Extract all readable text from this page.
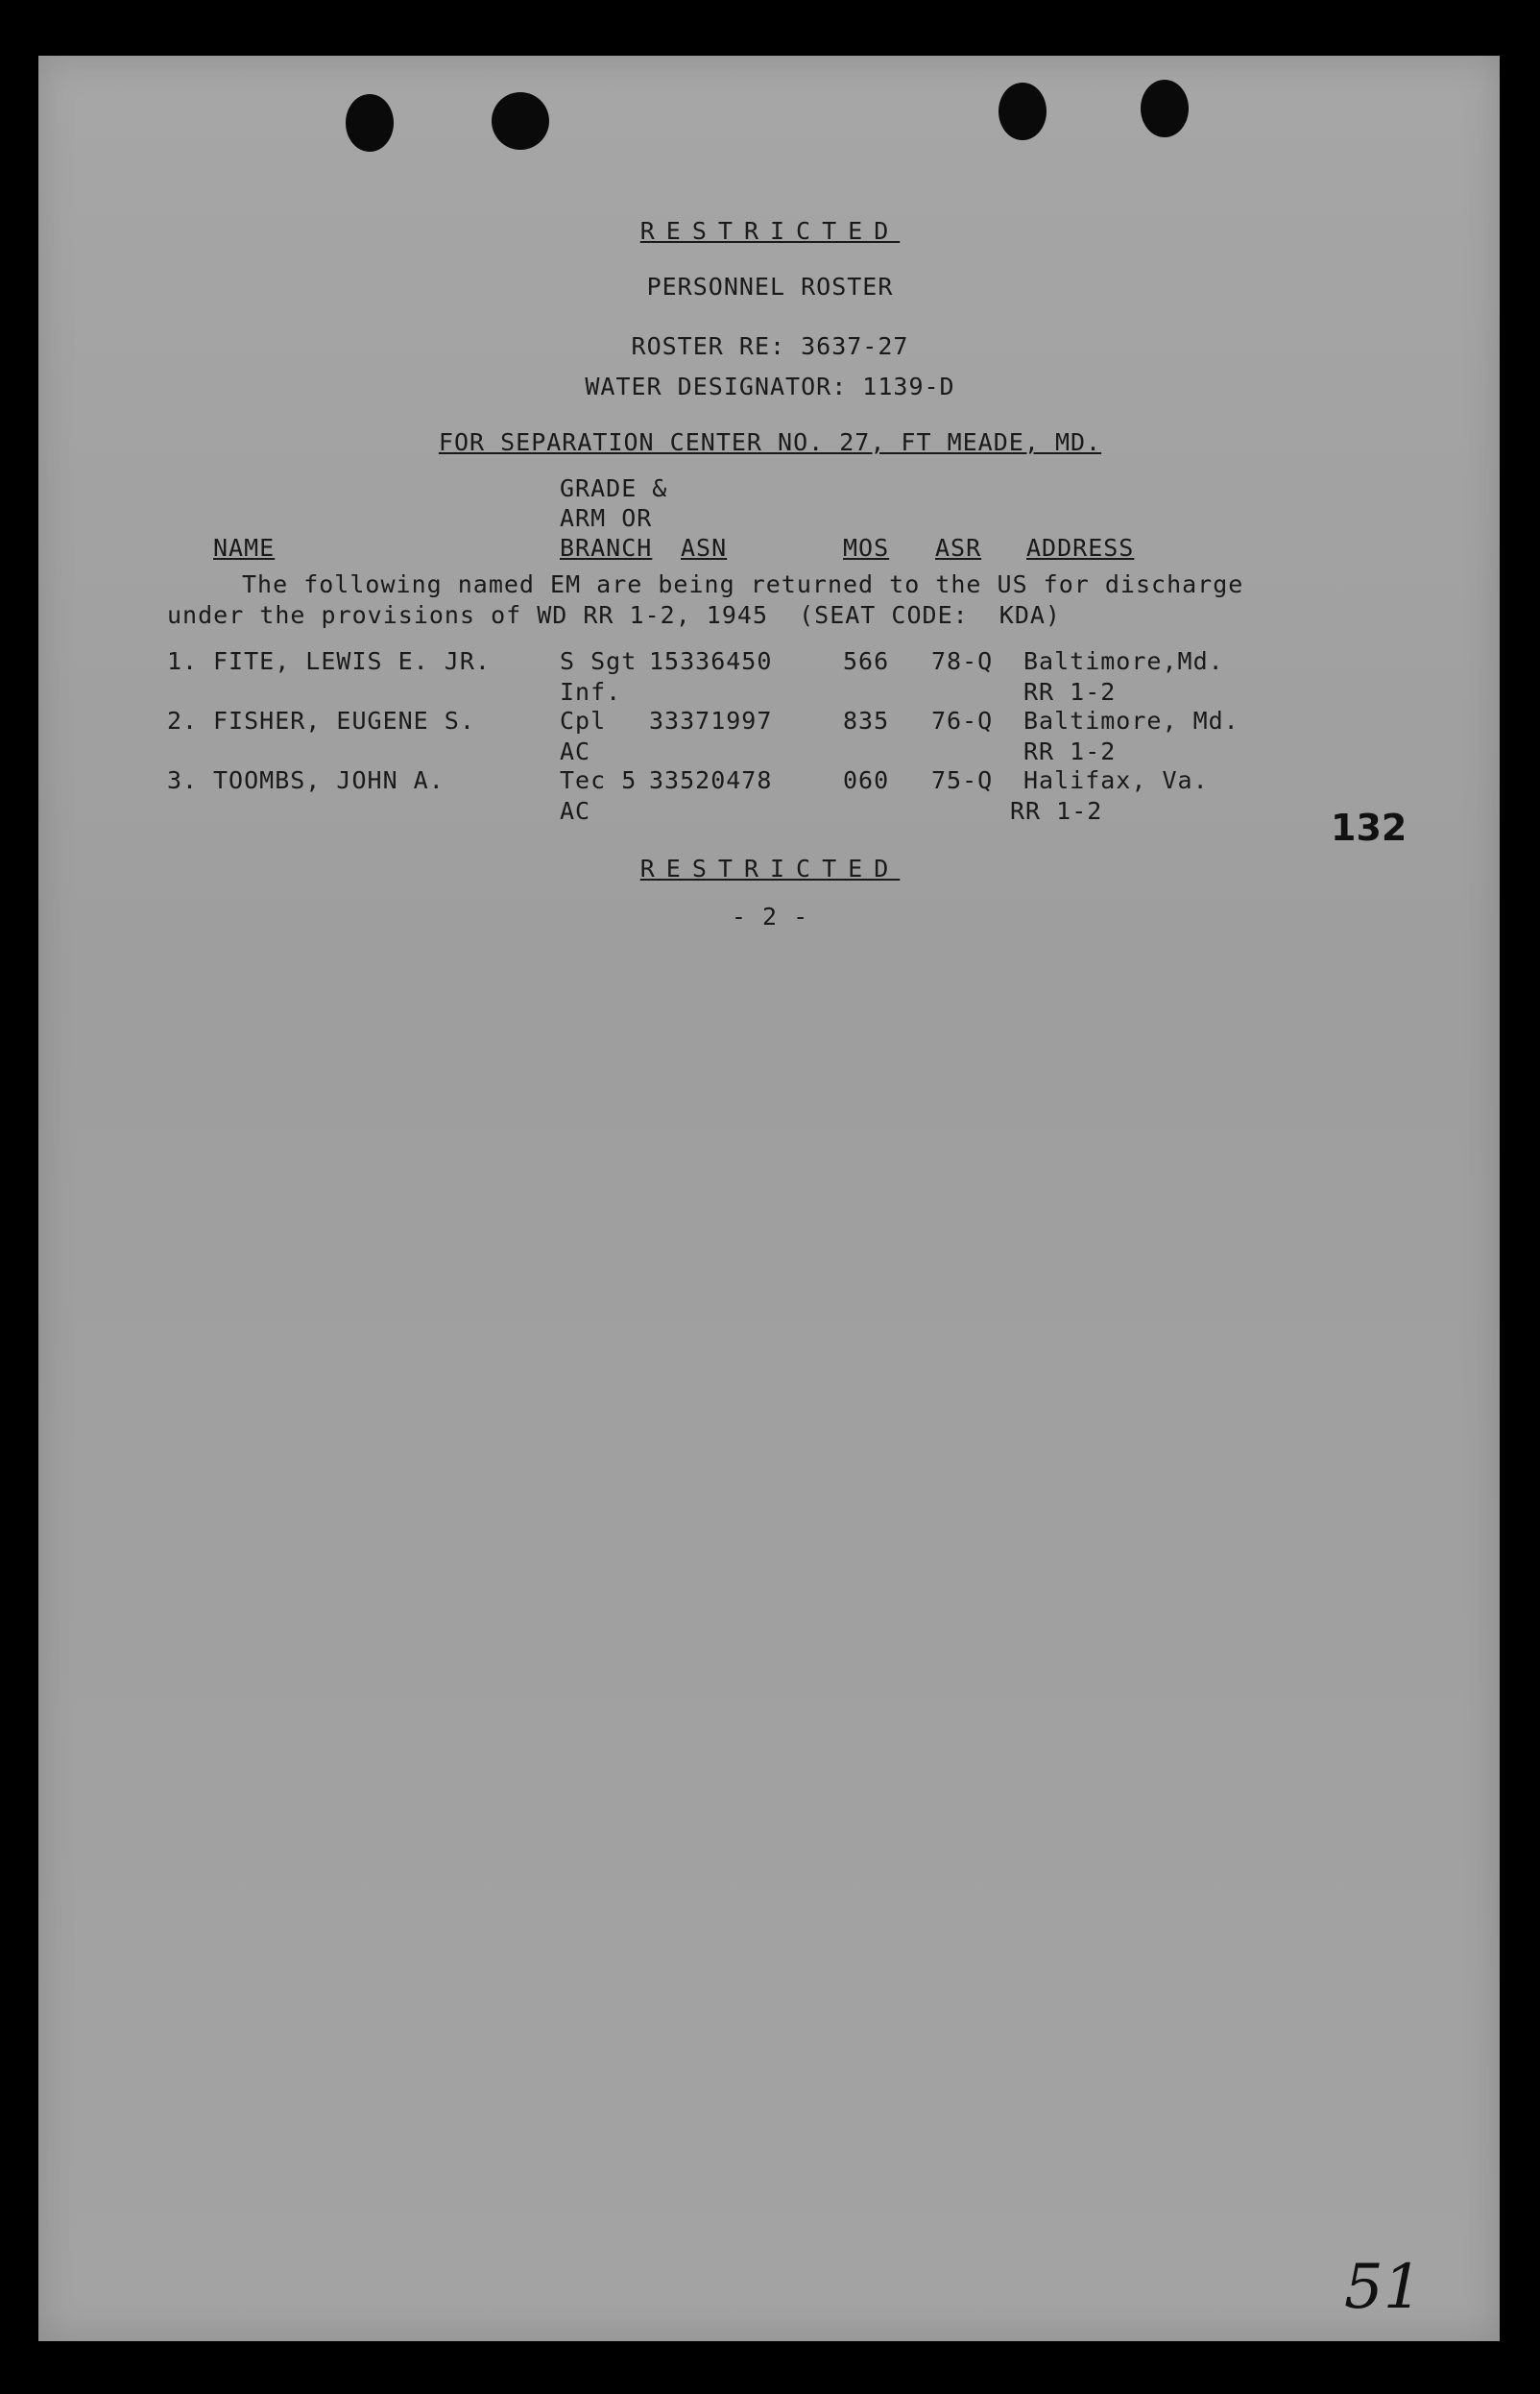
RESTRICTED
PERSONNEL ROSTER
ROSTER RE: 3637-27
WATER DESIGNATOR: 1139-D
FOR SEPARATION CENTER NO. 27, FT MEADE, MD.
GRADE &
ARM OR
NAME	BRANCH ASN	MOS ASR ADDRESS
The following named EM are being returned to the US for discharge
under the provisions of WD RR 1-2, 1945  (SEAT CODE:  KDA)
1. FITE, LEWIS E. JR.	S Sgt 15336450	566 78-Q Baltimore,Md.
Inf.	RR 1-2
2. FISHER, EUGENE S.	Cpl 33371997	835 76-Q Baltimore, Md.
AC	RR 1-2
3. TOOMBS, JOHN A.	Tec 5 33520478	060 75-Q Halifax, Va.
AC	RR 1-2	132
RESTRICTED
- 2 -
51
